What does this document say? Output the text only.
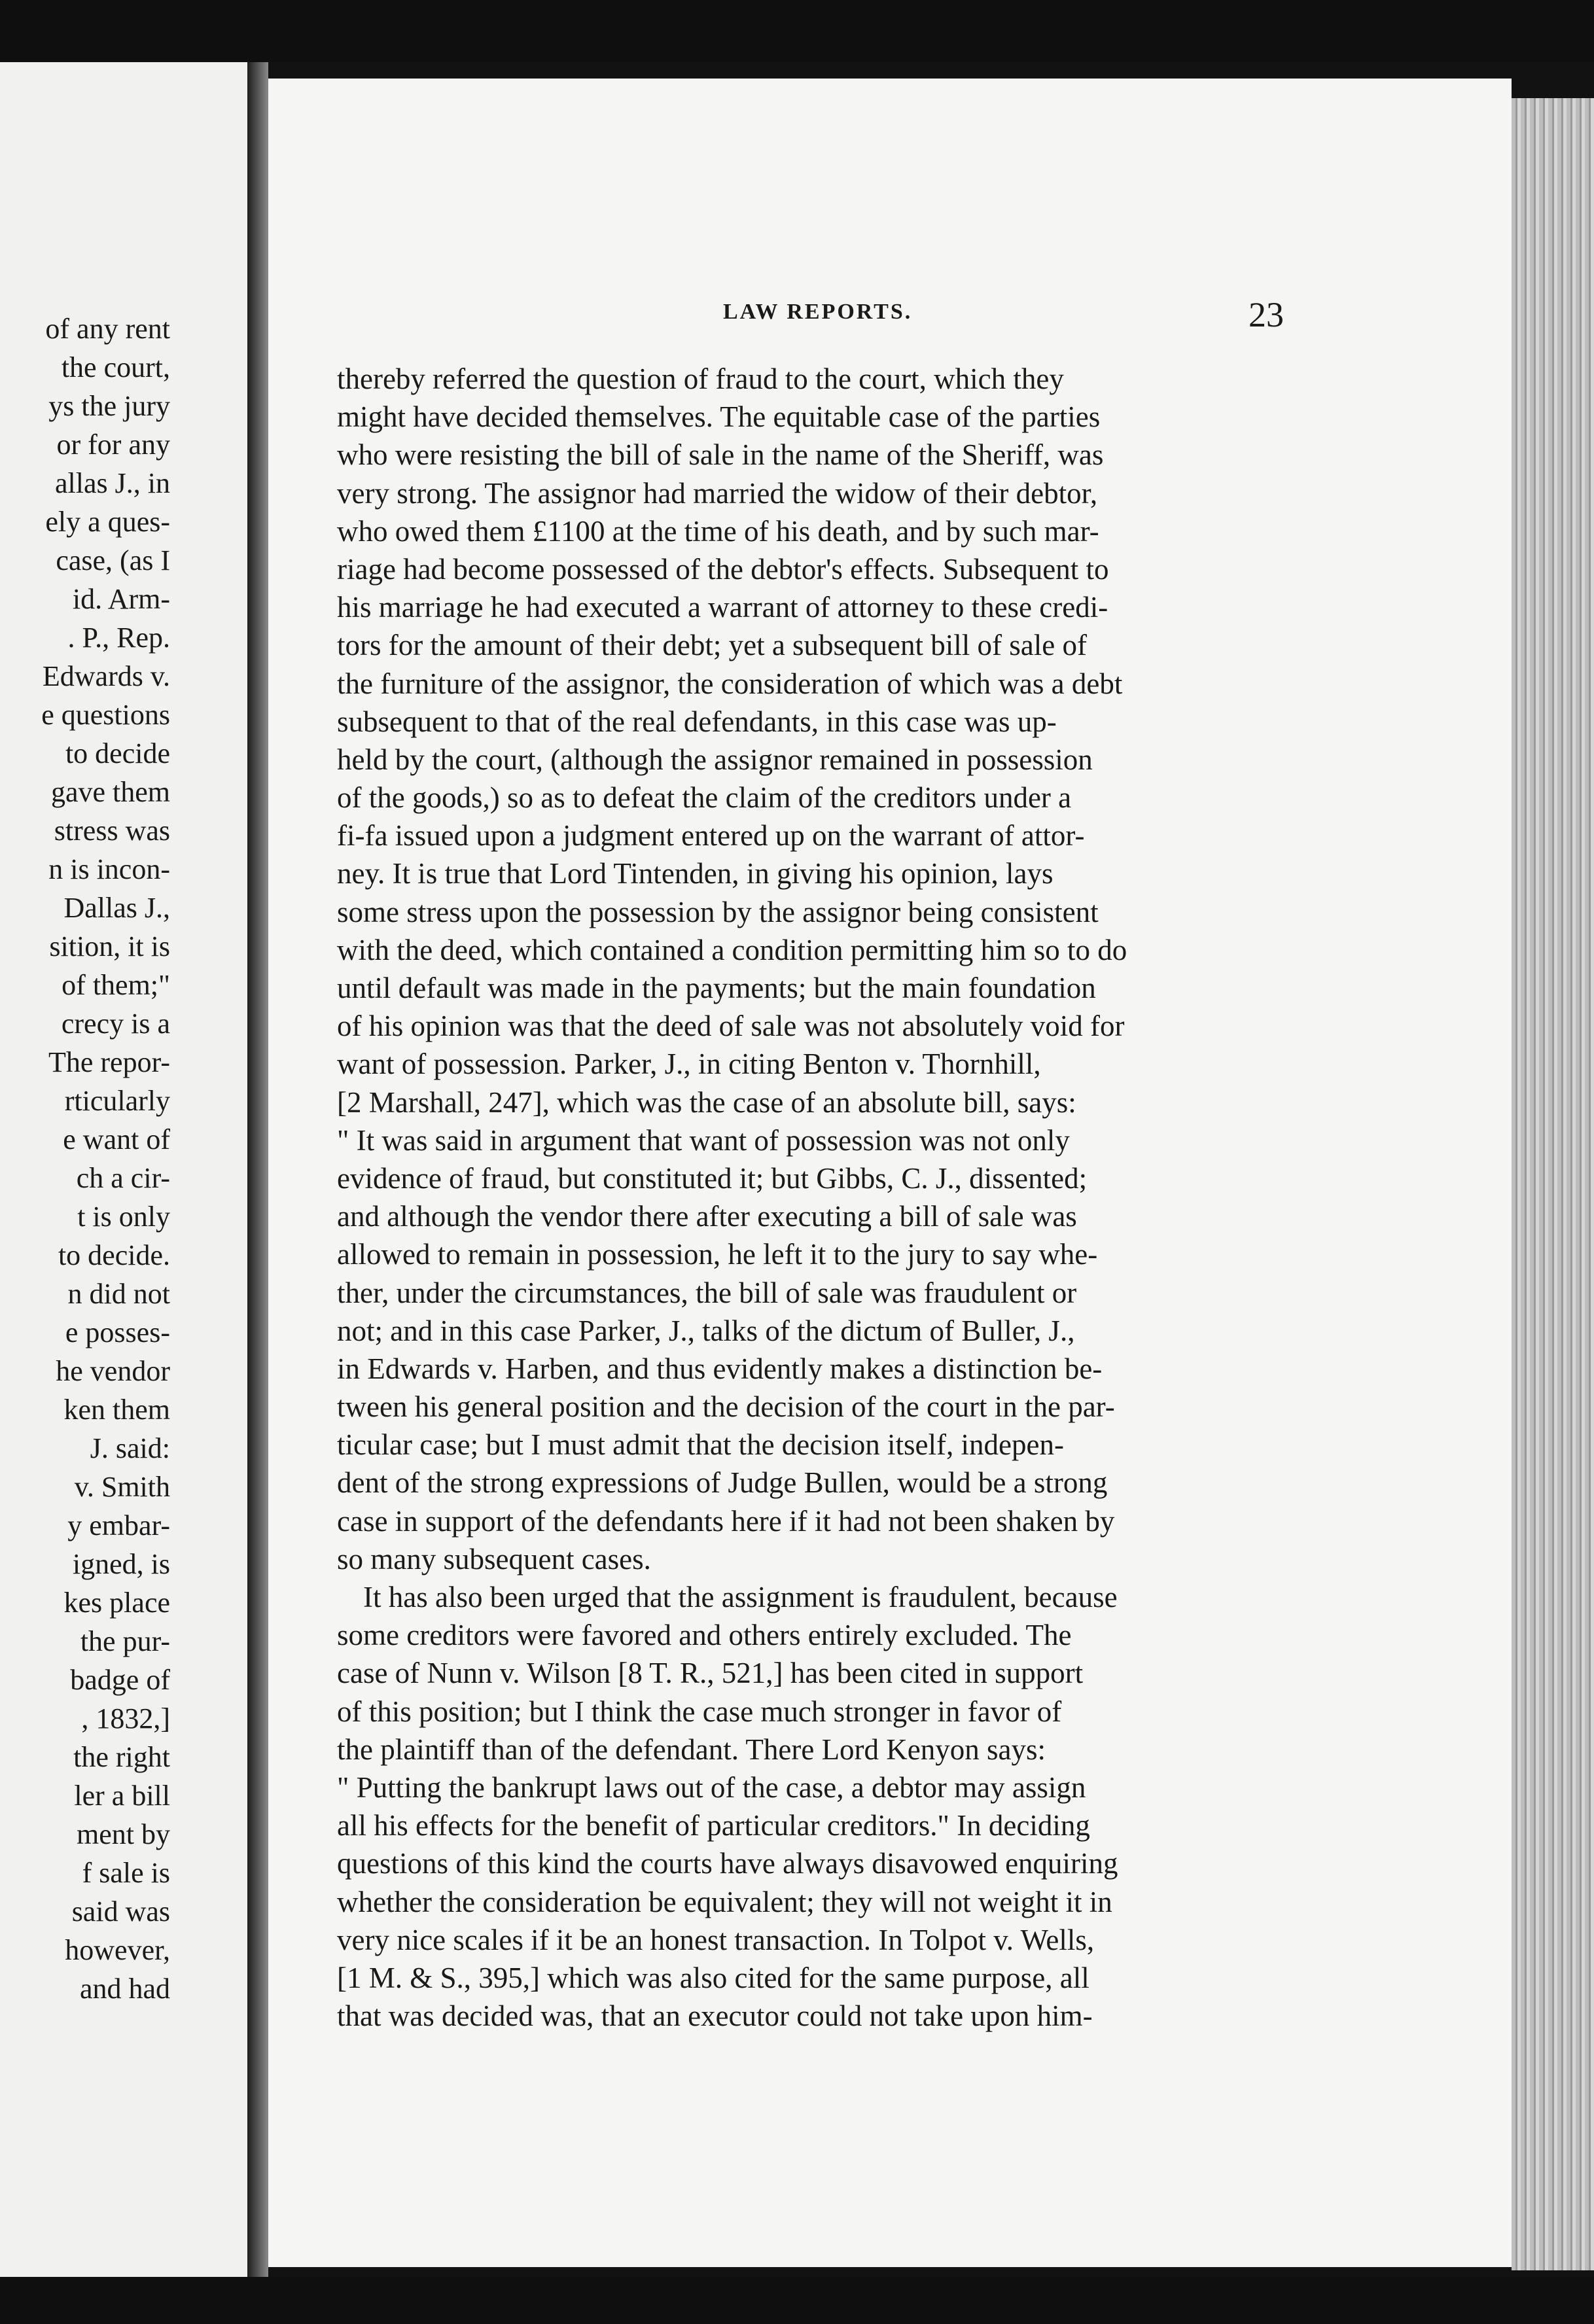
of any rent
the court,
ys the jury
or for any
allas J., in
ely a ques-
case, (as I
id. Arm-
. P., Rep.
Edwards v.
e questions
to decide
gave them
stress was
n is incon-
Dallas J.,
sition, it is
of them;"
crecy is a
The repor-
rticularly
e want of
ch a cir-
t is only
to decide.
n did not
e posses-
he vendor
ken them
J. said:
v. Smith
y embar-
igned, is
kes place
the pur-
badge of
, 1832,]
the right
ler a bill
ment by
f sale is
said was
however,
and had
LAW REPORTS.	23
thereby referred the question of fraud to the court, which they
might have decided themselves. The equitable case of the parties
who were resisting the bill of sale in the name of the Sheriff, was
very strong. The assignor had married the widow of their debtor,
who owed them £1100 at the time of his death, and by such mar-
riage had become possessed of the debtor's effects. Subsequent to
his marriage he had executed a warrant of attorney to these credi-
tors for the amount of their debt; yet a subsequent bill of sale of
the furniture of the assignor, the consideration of which was a debt
subsequent to that of the real defendants, in this case was up-
held by the court, (although the assignor remained in possession
of the goods,) so as to defeat the claim of the creditors under a
fi-fa issued upon a judgment entered up on the warrant of attor-
ney. It is true that Lord Tintenden, in giving his opinion, lays
some stress upon the possession by the assignor being consistent
with the deed, which contained a condition permitting him so to do
until default was made in the payments; but the main foundation
of his opinion was that the deed of sale was not absolutely void for
want of possession. Parker, J., in citing Benton v. Thornhill,
[2 Marshall, 247], which was the case of an absolute bill, says:
" It was said in argument that want of possession was not only
evidence of fraud, but constituted it; but Gibbs, C. J., dissented;
and although the vendor there after executing a bill of sale was
allowed to remain in possession, he left it to the jury to say whe-
ther, under the circumstances, the bill of sale was fraudulent or
not; and in this case Parker, J., talks of the dictum of Buller, J.,
in Edwards v. Harben, and thus evidently makes a distinction be-
tween his general position and the decision of the court in the par-
ticular case; but I must admit that the decision itself, indepen-
dent of the strong expressions of Judge Bullen, would be a strong
case in support of the defendants here if it had not been shaken by
so many subsequent cases.
It has also been urged that the assignment is fraudulent, because
some creditors were favored and others entirely excluded. The
case of Nunn v. Wilson [8 T. R., 521,] has been cited in support
of this position; but I think the case much stronger in favor of
the plaintiff than of the defendant. There Lord Kenyon says:
" Putting the bankrupt laws out of the case, a debtor may assign
all his effects for the benefit of particular creditors." In deciding
questions of this kind the courts have always disavowed enquiring
whether the consideration be equivalent; they will not weight it in
very nice scales if it be an honest transaction. In Tolpot v. Wells,
[1 M. & S., 395,] which was also cited for the same purpose, all
that was decided was, that an executor could not take upon him-
